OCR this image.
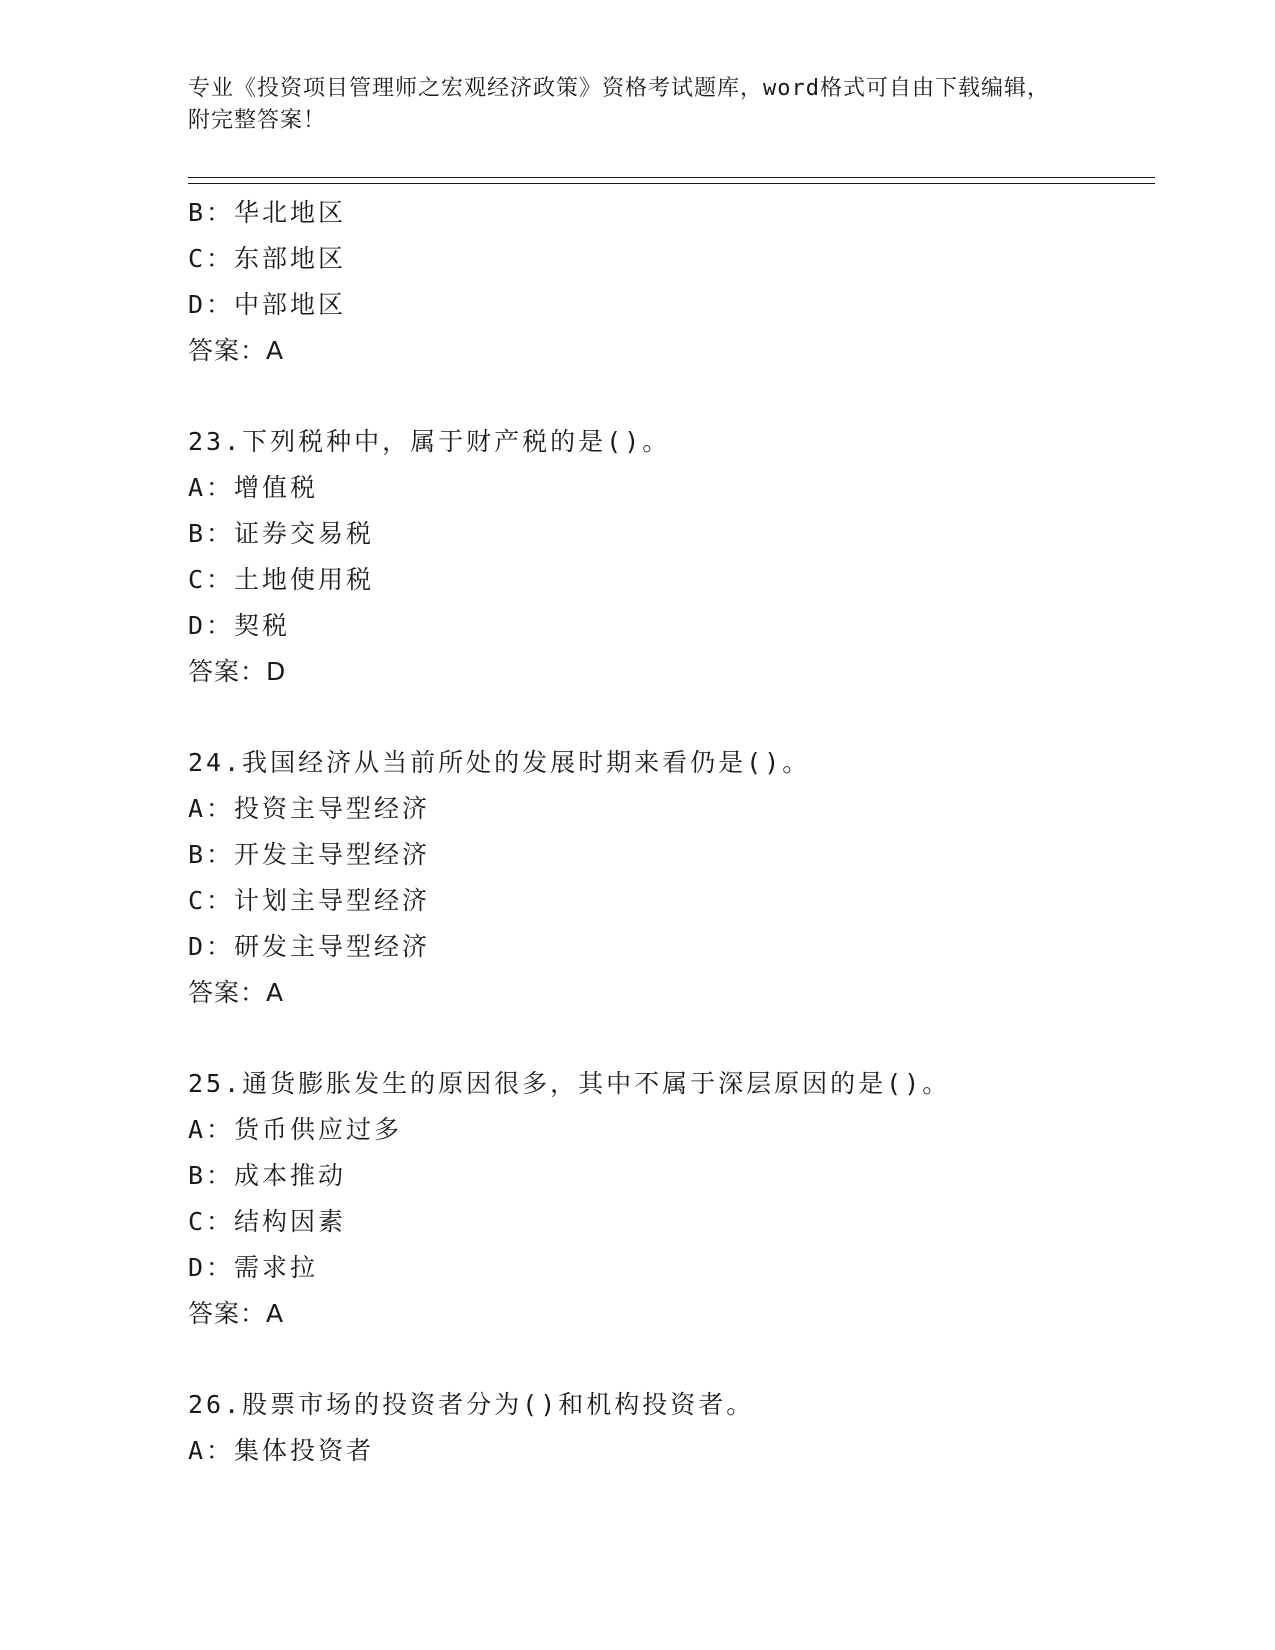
专业《投资项目管理师之宏观经济政策》资格考试题库，word格式可自由下载编辑，附完整答案！
B：华北地区
C：东部地区
D：中部地区
答案：A
23.下列税种中，属于财产税的是()。
A：增值税
B：证券交易税
C：土地使用税
D：契税
答案：D
24.我国经济从当前所处的发展时期来看仍是()。
A：投资主导型经济
B：开发主导型经济
C：计划主导型经济
D：研发主导型经济
答案：A
25.通货膨胀发生的原因很多，其中不属于深层原因的是()。
A：货币供应过多
B：成本推动
C：结构因素
D：需求拉
答案：A
26.股票市场的投资者分为()和机构投资者。
A：集体投资者
